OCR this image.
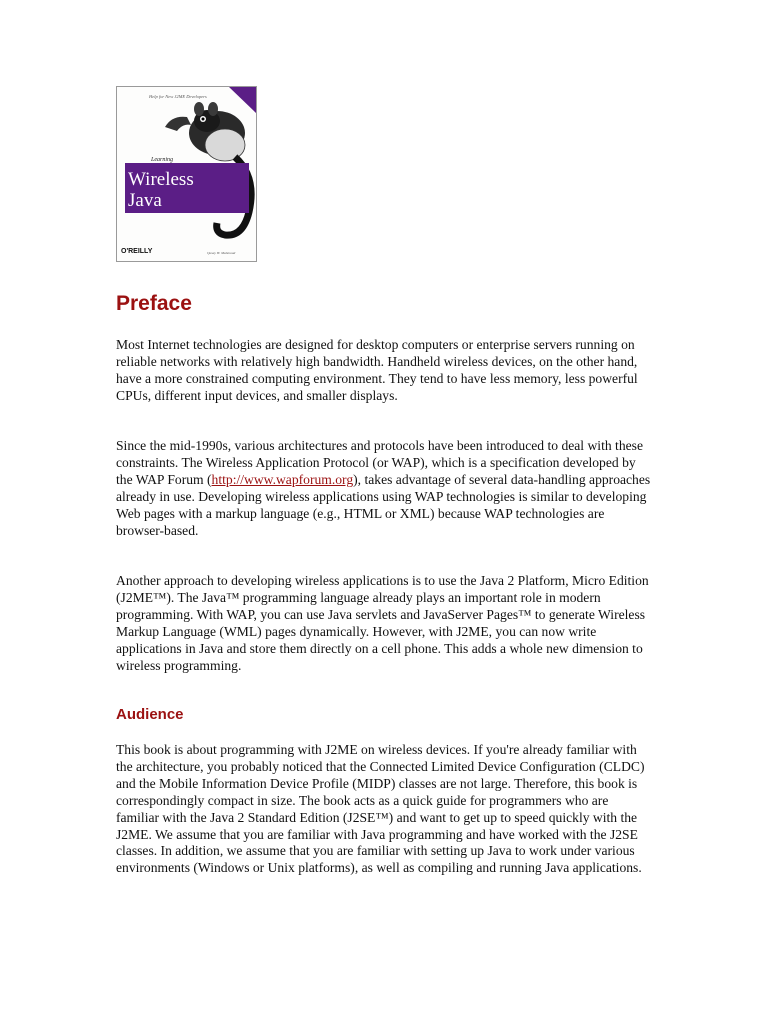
Help for New J2ME Developers
Learning
Wireless
Java
O'REILLY	Qusay H. Mahmoud
Preface

Most Internet technologies are designed for desktop computers or enterprise servers running on reliable networks with relatively high bandwidth. Handheld wireless devices, on the other hand, have a more constrained computing environment. They tend to have less memory, less powerful CPUs, different input devices, and smaller displays.

Since the mid-1990s, various architectures and protocols have been introduced to deal with these constraints. The Wireless Application Protocol (or WAP), which is a specification developed by the WAP Forum (http://www.wapforum.org), takes advantage of several data-handling approaches already in use. Developing wireless applications using WAP technologies is similar to developing Web pages with a markup language (e.g., HTML or XML) because WAP technologies are browser-based.

Another approach to developing wireless applications is to use the Java 2 Platform, Micro Edition (J2ME™). The Java™ programming language already plays an important role in modern programming. With WAP, you can use Java servlets and JavaServer Pages™ to generate Wireless Markup Language (WML) pages dynamically. However, with J2ME, you can now write applications in Java and store them directly on a cell phone. This adds a whole new dimension to wireless programming.

Audience

This book is about programming with J2ME on wireless devices. If you're already familiar with the architecture, you probably noticed that the Connected Limited Device Configuration (CLDC) and the Mobile Information Device Profile (MIDP) classes are not large. Therefore, this book is correspondingly compact in size. The book acts as a quick guide for programmers who are familiar with the Java 2 Standard Edition (J2SE™) and want to get up to speed quickly with the J2ME. We assume that you are familiar with Java programming and have worked with the J2SE classes. In addition, we assume that you are familiar with setting up Java to work under various environments (Windows or Unix platforms), as well as compiling and running Java applications.
